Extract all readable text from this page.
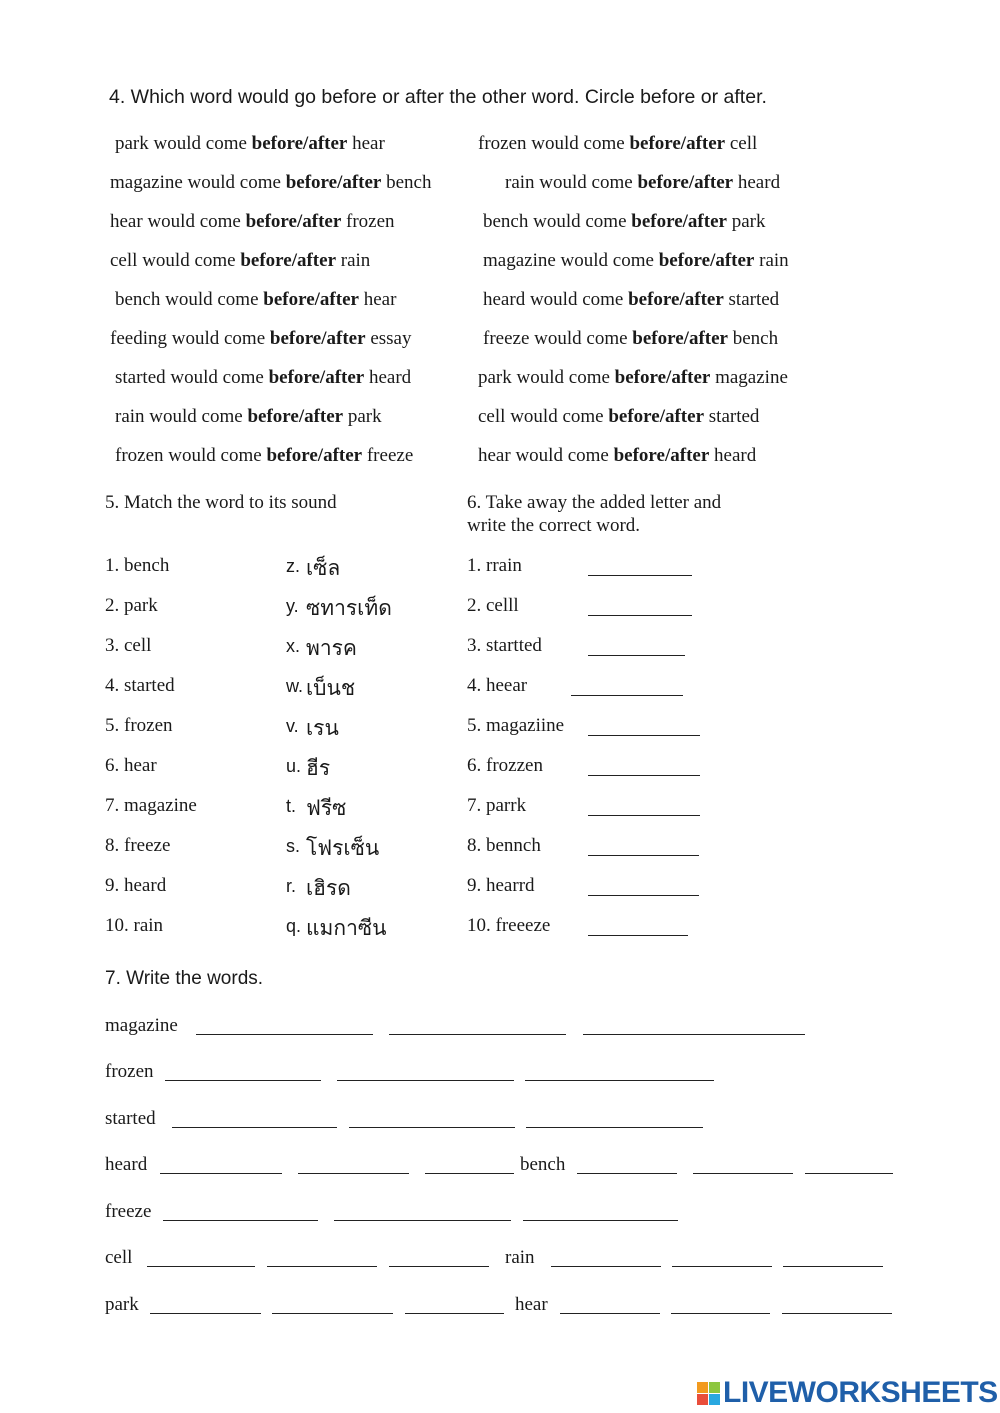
4. Which word would go before or after the other word. Circle before or after.
park would come before/after hear
magazine would come before/after bench
hear would come before/after frozen
cell would come before/after rain
bench would come before/after hear
feeding would come before/after essay
started would come before/after heard
rain would come before/after park
frozen would come before/after freeze
frozen would come before/after cell
rain would come before/after heard
bench would come before/after park
magazine would come before/after rain
heard would come before/after started
freeze would come before/after bench
park would come before/after magazine
cell would come before/after started
hear would come before/after heard
5. Match the word to its sound	6. Take away the added letter and
write the correct word.
1. bench	z. เซ็ล	1. rrain
2. park	y. ซทารเท็ด	2. celll
3. cell	x. พารค	3. startted
4. started	w. เบ็นช	4. heear
5. frozen	v. เรน	5. magaziine
6. hear	u. ฮีร	6. frozzen
7. magazine	t. ฟรีซ	7. parrk
8. freeze	s. โฟรเซ็น	8. bennch
9. heard	r. เฮิรด	9. hearrd
10. rain	q. แมกาซีน	10. freeeze
7. Write the words.
magazine
frozen
started
heard	bench
freeze
cell	rain
park	hear
LIVEWORKSHEETS
